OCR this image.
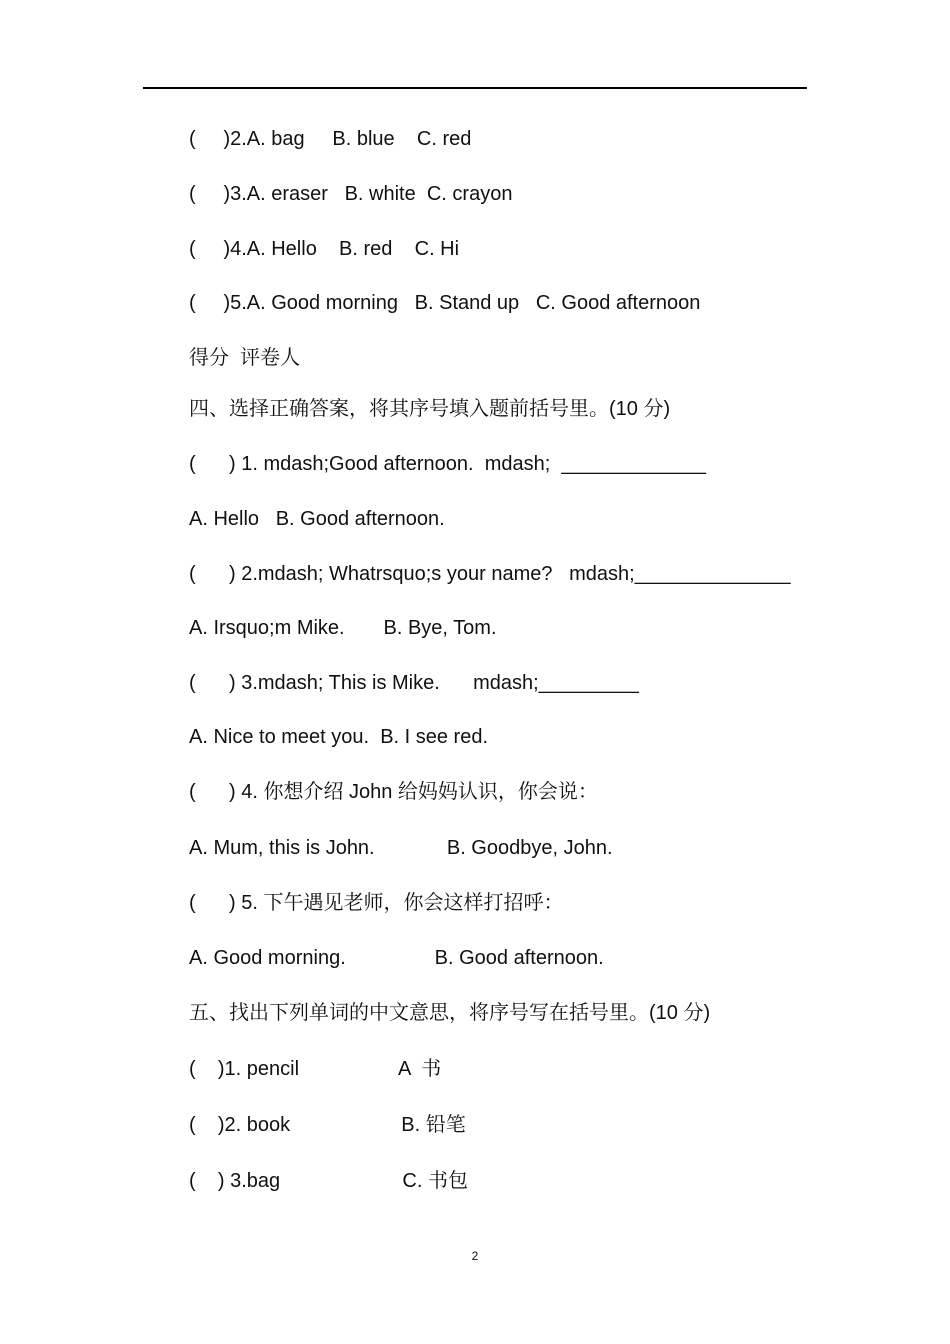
(     )2.A. bag     B. blue    C. red
(     )3.A. eraser   B. white  C. crayon
(     )4.A. Hello    B. red    C. Hi
(     )5.A. Good morning   B. Stand up   C. Good afternoon
得分  评卷人
四、选择正确答案，将其序号填入题前括号里。(10 分)
(      ) 1. mdash;Good afternoon.  mdash;  _____________
A. Hello   B. Good afternoon.
(      ) 2.mdash; Whatrsquo;s your name?   mdash;______________
A. Irsquo;m Mike.       B. Bye, Tom.
(      ) 3.mdash; This is Mike.      mdash;_________
A. Nice to meet you.  B. I see red.
(      ) 4. 你想介绍 John 给妈妈认识，你会说：
A. Mum, this is John.             B. Goodbye, John.
(      ) 5. 下午遇见老师，你会这样打招呼：
A. Good morning.                B. Good afternoon.
五、找出下列单词的中文意思，将序号写在括号里。(10 分)
(    )1. pencil                  A  书
(    )2. book                    B. 铅笔
(    ) 3.bag                      C. 书包
2
